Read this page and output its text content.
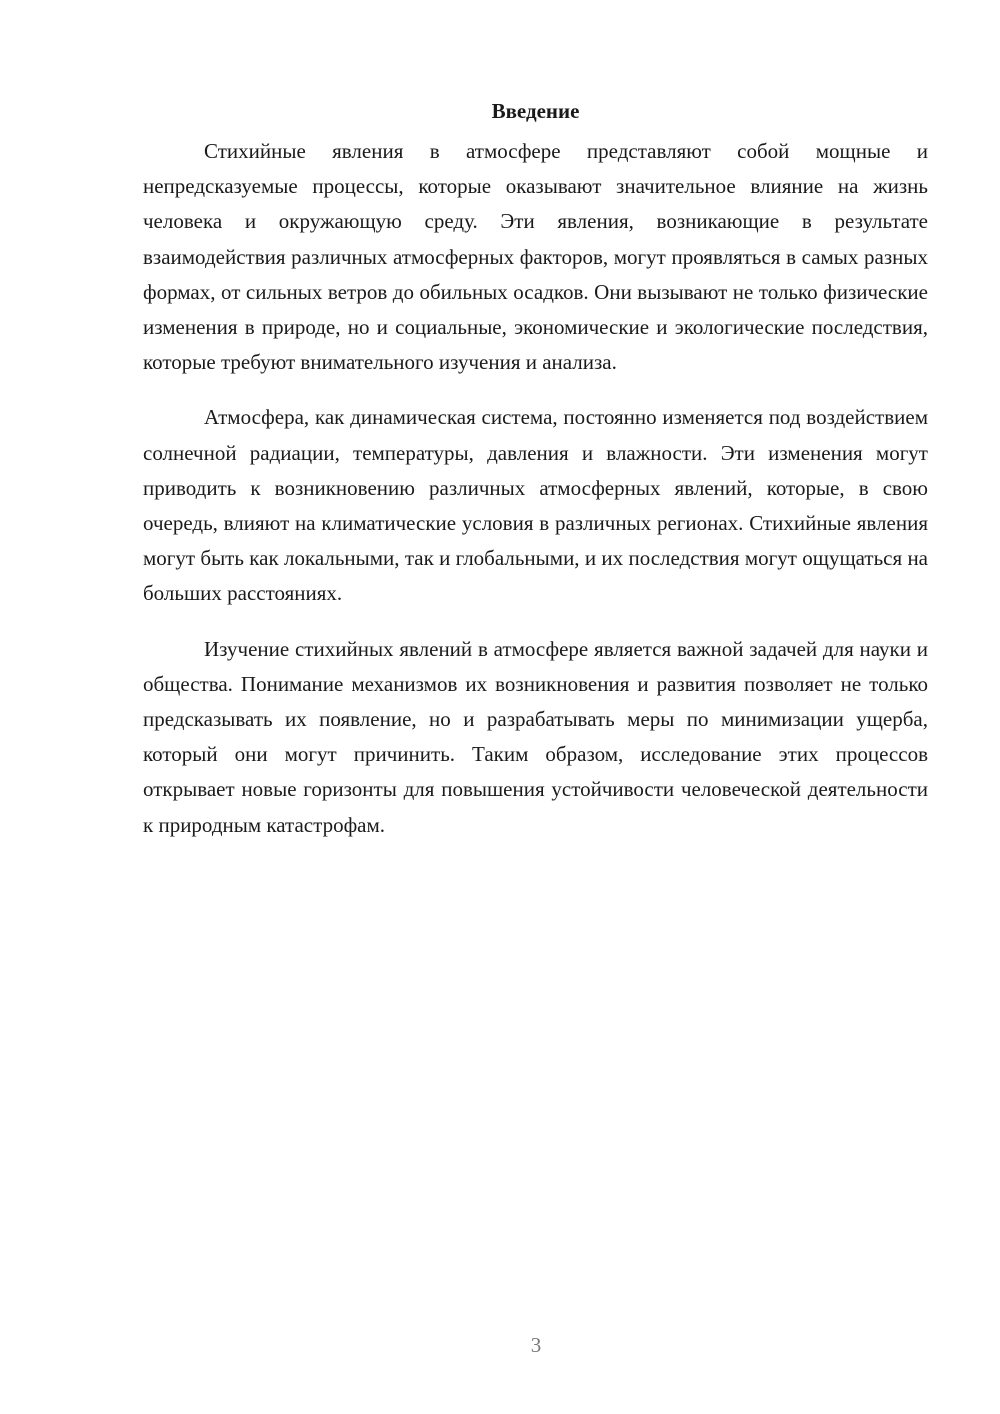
Введение

Стихийные явления в атмосфере представляют собой мощные и непредсказуемые процессы, которые оказывают значительное влияние на жизнь человека и окружающую среду. Эти явления, возникающие в результате взаимодействия различных атмосферных факторов, могут проявляться в самых разных формах, от сильных ветров до обильных осадков. Они вызывают не только физические изменения в природе, но и социальные, экономические и экологические последствия, которые требуют внимательного изучения и анализа.

Атмосфера, как динамическая система, постоянно изменяется под воздействием солнечной радиации, температуры, давления и влажности. Эти изменения могут приводить к возникновению различных атмосферных явлений, которые, в свою очередь, влияют на климатические условия в различных регионах. Стихийные явления могут быть как локальными, так и глобальными, и их последствия могут ощущаться на больших расстояниях.

Изучение стихийных явлений в атмосфере является важной задачей для науки и общества. Понимание механизмов их возникновения и развития позволяет не только предсказывать их появление, но и разрабатывать меры по минимизации ущерба, который они могут причинить. Таким образом, исследование этих процессов открывает новые горизонты для повышения устойчивости человеческой деятельности к природным катастрофам.

3
